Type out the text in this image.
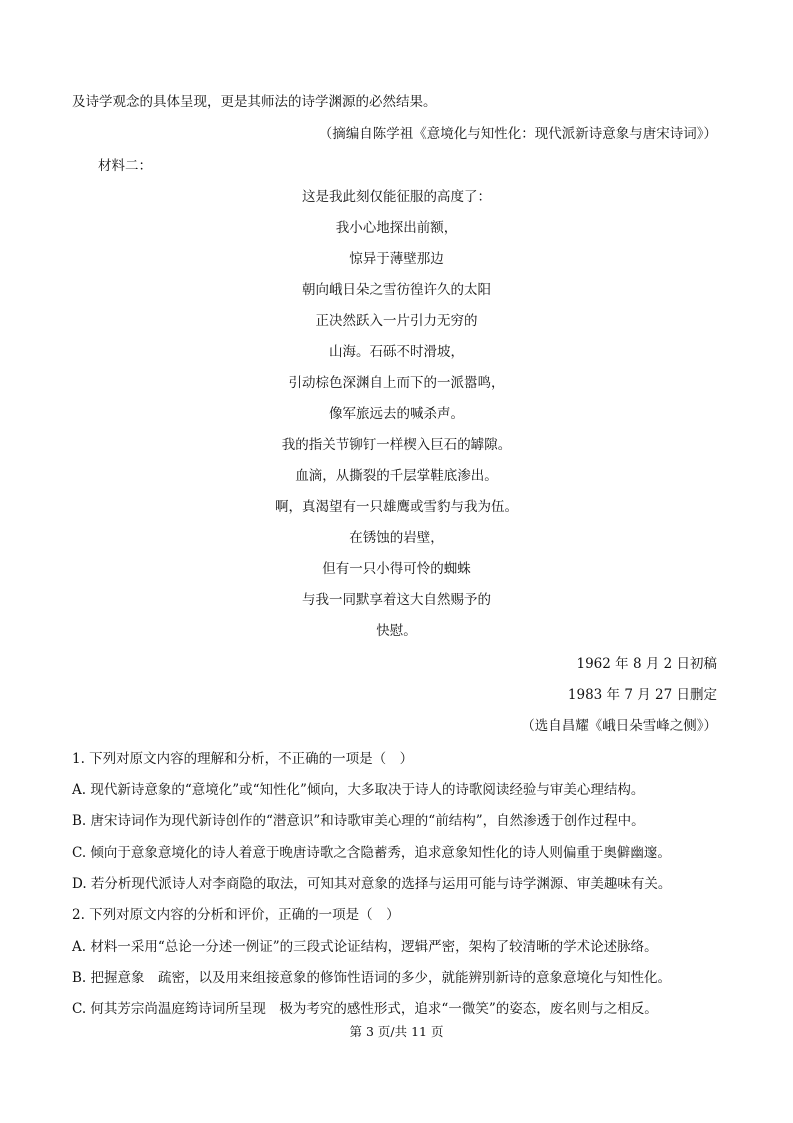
及诗学观念的具体呈现，更是其师法的诗学渊源的必然结果。
（摘编自陈学祖《意境化与知性化：现代派新诗意象与唐宋诗词》）
材料二：
这是我此刻仅能征服的高度了：
我小心地探出前额，
惊异于薄壁那边
朝向峨日朵之雪彷徨许久的太阳
正决然跃入一片引力无穷的
山海。石砾不时滑坡，
引动棕色深渊自上而下的一派嚣鸣，
像军旅远去的喊杀声。
我的指关节铆钉一样楔入巨石的罅隙。
血滴，从撕裂的千层掌鞋底渗出。
啊，真渴望有一只雄鹰或雪豹与我为伍。
在锈蚀的岩壁，
但有一只小得可怜的蜘蛛
与我一同默享着这大自然赐予的
快慰。
1962 年 8 月 2 日初稿
1983 年 7 月 27 日删定
（选自昌耀《峨日朵雪峰之侧》）
1. 下列对原文内容的理解和分析，不正确的一项是（　）
A. 现代新诗意象的“意境化”或“知性化”倾向，大多取决于诗人的诗歌阅读经验与审美心理结构。
B. 唐宋诗词作为现代新诗创作的“潜意识”和诗歌审美心理的“前结构”，自然渗透于创作过程中。
C. 倾向于意象意境化的诗人着意于晚唐诗歌之含隐蓄秀，追求意象知性化的诗人则偏重于奥僻幽邃。
D. 若分析现代派诗人对李商隐的取法，可知其对意象的选择与运用可能与诗学渊源、审美趣味有关。
2. 下列对原文内容的分析和评价，正确的一项是（　）
A. 材料一采用“总论一分述一例证”的三段式论证结构，逻辑严密，架构了较清晰的学术论述脉络。
B. 把握意象　疏密，以及用来组接意象的修饰性语词的多少，就能辨别新诗的意象意境化与知性化。
C. 何其芳宗尚温庭筠诗词所呈现　极为考究的感性形式，追求“一微笑”的姿态，废名则与之相反。
第 3 页/共 11 页
